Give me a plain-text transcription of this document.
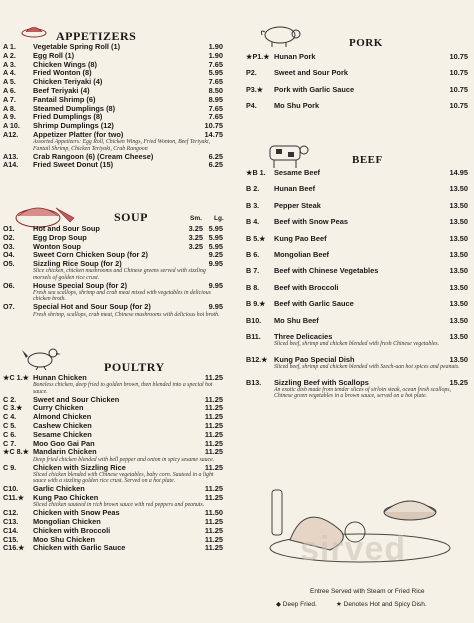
APPETIZERS
A 1. Vegetable Spring Roll (1)	1.90
A 2. Egg Roll (1)	1.90
A 3. Chicken Wings (8)	7.65
A 4. Fried Wonton (8)	5.95
A 5. Chicken Teriyaki (4)	7.65
A 6. Beef Teriyaki (4)	8.50
A 7. Fantail Shrimp (6)	8.95
A 8. Steamed Dumplings (8)	7.65
A 9. Fried Dumplings (8)	7.65
A 10. Shrimp Dumplings (12)	10.75
A12. Appetizer Platter (for two)	14.75
Assorted Appetizers: Egg Roll, Chicken Wings, Fried Wonton, Beef Teriyaki, Fantail Shrimp, Chicken Teriyaki, Crab Rangoon
A13. Crab Rangoon (6) (Cream Cheese)	6.25
A14. Fried Sweet Donut (15)	6.25
SOUP	Sm. Lg.
O1. Hot and Sour Soup	3.25 5.95
O2. Egg Drop Soup	3.25 5.95
O3. Wonton Soup	3.25 5.95
O4. Sweet Corn Chicken Soup (for 2)	9.25
O5. Sizzling Rice Soup (for 2)	9.95
Slice chicken, chicken mushrooms and Chinese greens served with sizzling morsels of golden rice crust.
O6. House Special Soup (for 2)	9.95
Fresh sea scallops, shrimp and crab meat mixed with vegetables in delicious chicken broth.
O7. Special Hot and Sour Soup (for 2)	9.95
Fresh shrimp, scallops, crab meat, Chinese mushrooms with delicious hot broth.
POULTRY
★C 1.★ Hunan Chicken	11.25
Boneless chicken, deep fried to golden brown, then blended into a special hot sauce.
C 2. Sweet and Sour Chicken	11.25
C 3.★ Curry Chicken	11.25
C 4. Almond Chicken	11.25
C 5. Cashew Chicken	11.25
C 6. Sesame Chicken	11.25
C 7. Moo Goo Gai Pan	11.25
★C 8.★ Mandarin Chicken	11.25
Deep fried chicken blended with bell pepper and onion in spicy sesame sauce.
C 9. Chicken with Sizzling Rice	11.25
Sliced chicken blended with Chinese vegetables, baby corn. Sauteed in a light sauce with a sizzling golden rice crust. Served on a hot plate.
C10. Garlic Chicken	11.25
C11.★ Kung Pao Chicken	11.25
Sliced chicken sauteed in rich brown sauce with red peppers and peanuts.
C12. Chicken with Snow Peas	11.50
C13. Mongolian Chicken	11.25
C14. Chicken with Broccoli	11.25
C15. Moo Shu Chicken	11.25
C16.★ Chicken with Garlic Sauce	11.25
PORK
★P1.★ Hunan Pork	10.75
P2. Sweet and Sour Pork	10.75
P3.★ Pork with Garlic Sauce	10.75
P4. Mo Shu Pork	10.75
BEEF
★B 1. Sesame Beef	14.95
B 2. Hunan Beef	13.50
B 3. Pepper Steak	13.50
B 4. Beef with Snow Peas	13.50
B 5.★ Kung Pao Beef	13.50
B 6. Mongolian Beef	13.50
B 7. Beef with Chinese Vegetables	13.50
B 8. Beef with Broccoli	13.50
B 9.★ Beef with Garlic Sauce	13.50
B10. Mo Shu Beef	13.50
B11. Three Delicacies	13.50
Sliced beef, shrimp and chicken blended with fresh Chinese vegetables.
B12.★ Kung Pao Special Dish	13.50
Sliced beef, shrimp and chicken blended with Szech-uan hot spices and peanuts.
B13. Sizzling Beef with Scallops	15.25
An exotic dish made from tender slices of sirloin steak, ocean fresh scallops, Chinese green vegetables in a brown sauce, served on a hot plate.
sirved
Entree Served with Steam or Fried Rice
◆ Deep Fried.	★ Denotes Hot and Spicy Dish.
